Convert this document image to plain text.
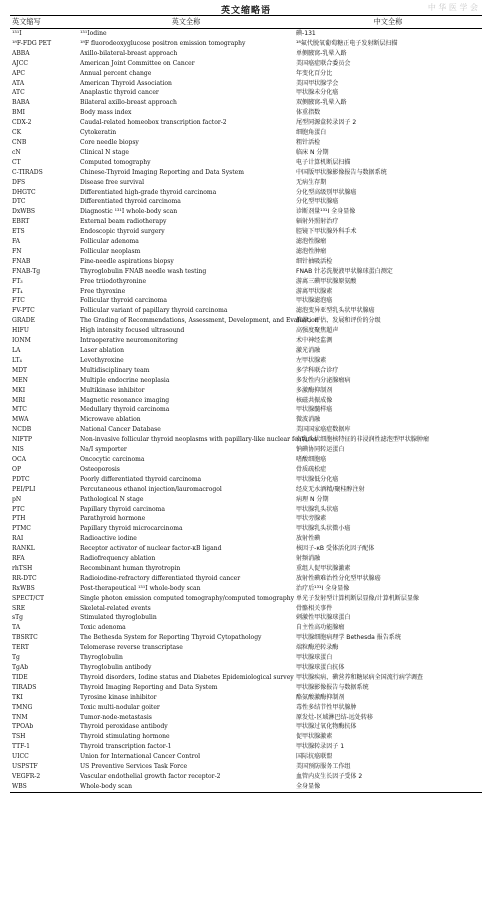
英文缩略语	中 华 医 学 会
英文缩写	英文全称	中文全称
¹³¹I	¹³¹Iodine	碘-131
¹⁸F-FDG PET	¹⁸F fluorodeoxyglucose positron emission tomography	¹⁸氟代脱氧葡萄糖正电子发射断层扫描
ABBA	Axillo-bilateral-breast approach	单侧腋窝-乳晕入路
AJCC	American Joint Committee on Cancer	美国癌症联合委员会
APC	Annual percent change	年变化百分比
ATA	American Thyroid Association	美国甲状腺学会
ATC	Anaplastic thyroid cancer	甲状腺未分化癌
BABA	Bilateral axillo-breast approach	双侧腋窝-乳晕入路
BMI	Body mass index	体重指数
CDX-2	Caudal-related homeobox transcription factor-2	尾型同源盒转录因子 2
CK	Cytokeratin	细胞角蛋白
CNB	Core needle biopsy	粗针活检
cN	Clinical N stage	临床 N 分期
CT	Computed tomography	电子计算机断层扫描
C-TIRADS	Chinese-Thyroid Imaging Reporting and Data System	中国版甲状腺影像报告与数据系统
DFS	Disease free survival	无病生存期
DHGTC	Differentiated high-grade thyroid carcinoma	分化型高级别甲状腺癌
DTC	Differentiated thyroid carcinoma	分化型甲状腺癌
DxWBS	Diagnostic ¹³¹I whole-body scan	诊断剂量¹³¹I 全身显像
EBRT	External beam radiotherapy	辐射外照射治疗
ETS	Endoscopic thyroid surgery	腔镜下甲状腺外科手术
FA	Follicular adenoma	滤泡性腺瘤
FN	Follicular neoplasm	滤泡性肿瘤
FNAB	Fine-needle aspirations biopsy	细针抽吸活检
FNAB-Tg	Thyroglobulin FNAB needle wash testing	FNAB 针芯洗脱液甲状腺球蛋白测定
FT₃	Free triiodothyronine	游离三碘甲状腺原氨酸
FT₄	Free thyroxine	游离甲状腺素
FTC	Follicular thyroid carcinoma	甲状腺滤泡癌
FV-PTC	Follicular variant of papillary thyroid carcinoma	滤泡变异亚型乳头状甲状腺癌
GRADE	The Grading of Recommendations, Assessment, Development, and Evaluation	推荐、评估、发展和评价的分级
HIFU	High intensity focused ultrasound	高强度聚焦超声
IONM	Intraoperative neuromonitoring	术中神经监测
LA	Laser ablation	激光消融
LT₄	Levothyroxine	左甲状腺素
MDT	Multidisciplinary team	多学科联合诊疗
MEN	Multiple endocrine neoplasia	多发性内分泌腺瘤病
MKI	Multikinase inhibitor	多激酶抑制剂
MRI	Magnetic resonance imaging	核磁共振成像
MTC	Medullary thyroid carcinoma	甲状腺髓样癌
MWA	Microwave ablation	微波消融
NCDB	National Cancer Database	美国国家癌症数据库
NIFTP	Non-invasive follicular thyroid neoplasms with papillary-like nuclear features	有乳头状细胞核特征的非浸润性滤泡型甲状腺肿瘤
NIS	Na/I symporter	钠碘协同转运蛋白
OCA	Oncocytic carcinoma	嗜酸细胞癌
OP	Osteoporosis	骨质疏松症
PDTC	Poorly differentiated thyroid carcinoma	甲状腺低分化癌
PEI/PLI	Percutaneous ethanol injection/lauromacrogol	经皮无水酒精/聚桂醇注射
pN	Pathological N stage	病理 N 分期
PTC	Papillary thyroid carcinoma	甲状腺乳头状癌
PTH	Parathyroid hormone	甲状旁腺素
PTMC	Papillary thyroid microcarcinoma	甲状腺乳头状微小癌
RAI	Radioactive iodine	放射性碘
RANKL	Receptor activator of nuclear factor-κB ligand	核因子-κB 受体活化因子配体
RFA	Radiofrequency ablation	射频消融
rhTSH	Recombinant human thyrotropin	重组人促甲状腺激素
RR-DTC	Radioiodine-refractory differentiated thyroid cancer	放射性碘难治性分化型甲状腺癌
RxWBS	Post-therapeutical ¹³¹I whole-body scan	治疗后¹³¹I 全身显像
SPECT/CT	Single photon emission computed tomography/computed tomography	单光子发射型计算机断层显像/计算机断层显像
SRE	Skeletal-related events	骨骼相关事件
sTg	Stimulated thyroglobulin	刺激性甲状腺球蛋白
TA	Toxic adenoma	自主性高功能腺瘤
TBSRTC	The Bethesda System for Reporting Thyroid Cytopathology	甲状腺细胞病理学 Bethesda 报告系统
TERT	Telomerase reverse transcriptase	端粒酶逆转录酶
Tg	Thyroglobulin	甲状腺球蛋白
TgAb	Thyroglobulin antibody	甲状腺球蛋白抗体
TIDE	Thyroid disorders, Iodine status and Diabetes Epidemiological survey	甲状腺疾病、碘营养和糖尿病全国流行病学调查
TIRADS	Thyroid Imaging Reporting and Data System	甲状腺影像报告与数据系统
TKI	Tyrosine kinase inhibitor	酪氨酸激酶抑制剂
TMNG	Toxic multi-nodular goiter	毒性多结节性甲状腺肿
TNM	Tumor-node-metastasis	原发灶-区域淋巴结-远处转移
TPOAb	Thyroid peroxidase antibody	甲状腺过氧化物酶抗体
TSH	Thyroid stimulating hormone	促甲状腺激素
TTF-1	Thyroid transcription factor-1	甲状腺转录因子 1
UICC	Union for International Cancer Control	国际抗癌联盟
USPSTF	US Preventive Services Task Force	美国预防服务工作组
VEGFR-2	Vascular endothelial growth factor receptor-2	血管内皮生长因子受体 2
WBS	Whole-body scan	全身显像
